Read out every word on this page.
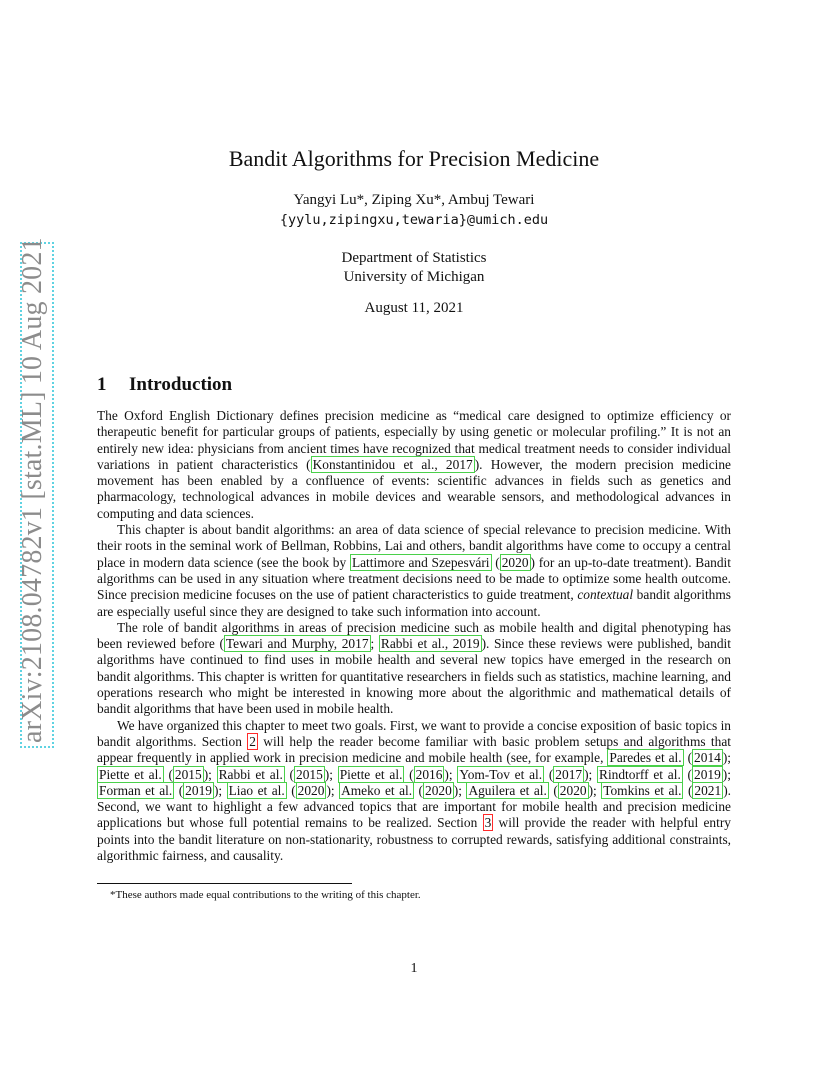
arXiv:2108.04782v1 [stat.ML] 10 Aug 2021
Bandit Algorithms for Precision Medicine
Yangyi Lu*, Ziping Xu*, Ambuj Tewari
{yylu,zipingxu,tewaria}@umich.edu
Department of Statistics
University of Michigan
August 11, 2021
1 Introduction

The Oxford English Dictionary defines precision medicine as “medical care designed to optimize efficiency or therapeutic benefit for particular groups of patients, especially by using genetic or molecular profiling.” It is not an entirely new idea: physicians from ancient times have recognized that medical treatment needs to consider individual variations in patient characteristics ( Konstantinidou et al., 2017 ). However, the modern precision medicine movement has been enabled by a confluence of events: scientific advances in fields such as genetics and pharmacology, technological advances in mobile devices and wearable sensors, and methodological advances in computing and data sciences.

This chapter is about bandit algorithms: an area of data science of special relevance to precision medicine. With their roots in the seminal work of Bellman, Robbins, Lai and others, bandit algorithms have come to occupy a central place in modern data science (see the book by Lattimore and Szepesvári ( 2020 ) for an up-to-date treatment). Bandit algorithms can be used in any situation where treatment decisions need to be made to optimize some health outcome. Since precision medicine focuses on the use of patient characteristics to guide treatment, contextual bandit algorithms are especially useful since they are designed to take such information into account.

The role of bandit algorithms in areas of precision medicine such as mobile health and digital phenotyping has been reviewed before ( Tewari and Murphy, 2017 ; Rabbi et al., 2019 ). Since these reviews were published, bandit algorithms have continued to find uses in mobile health and several new topics have emerged in the research on bandit algorithms. This chapter is written for quantitative researchers in fields such as statistics, machine learning, and operations research who might be interested in knowing more about the algorithmic and mathematical details of bandit algorithms that have been used in mobile health.

We have organized this chapter to meet two goals. First, we want to provide a concise exposition of basic topics in bandit algorithms. Section 2 will help the reader become familiar with basic problem setups and algorithms that appear frequently in applied work in precision medicine and mobile health (see, for example, Paredes et al. ( 2014 ); Piette et al. ( 2015 ); Rabbi et al. ( 2015 ); Piette et al. ( 2016 ); Yom-Tov et al. ( 2017 ); Rindtorff et al. ( 2019 ); Forman et al. ( 2019 ); Liao et al. ( 2020 ); Ameko et al. ( 2020 ); Aguilera et al. ( 2020 ); Tomkins et al. ( 2021 ). Second, we want to highlight a few advanced topics that are important for mobile health and precision medicine applications but whose full potential remains to be realized. Section 3 will provide the reader with helpful entry points into the bandit literature on non-stationarity, robustness to corrupted rewards, satisfying additional constraints, algorithmic fairness, and causality.

*These authors made equal contributions to the writing of this chapter.
1
